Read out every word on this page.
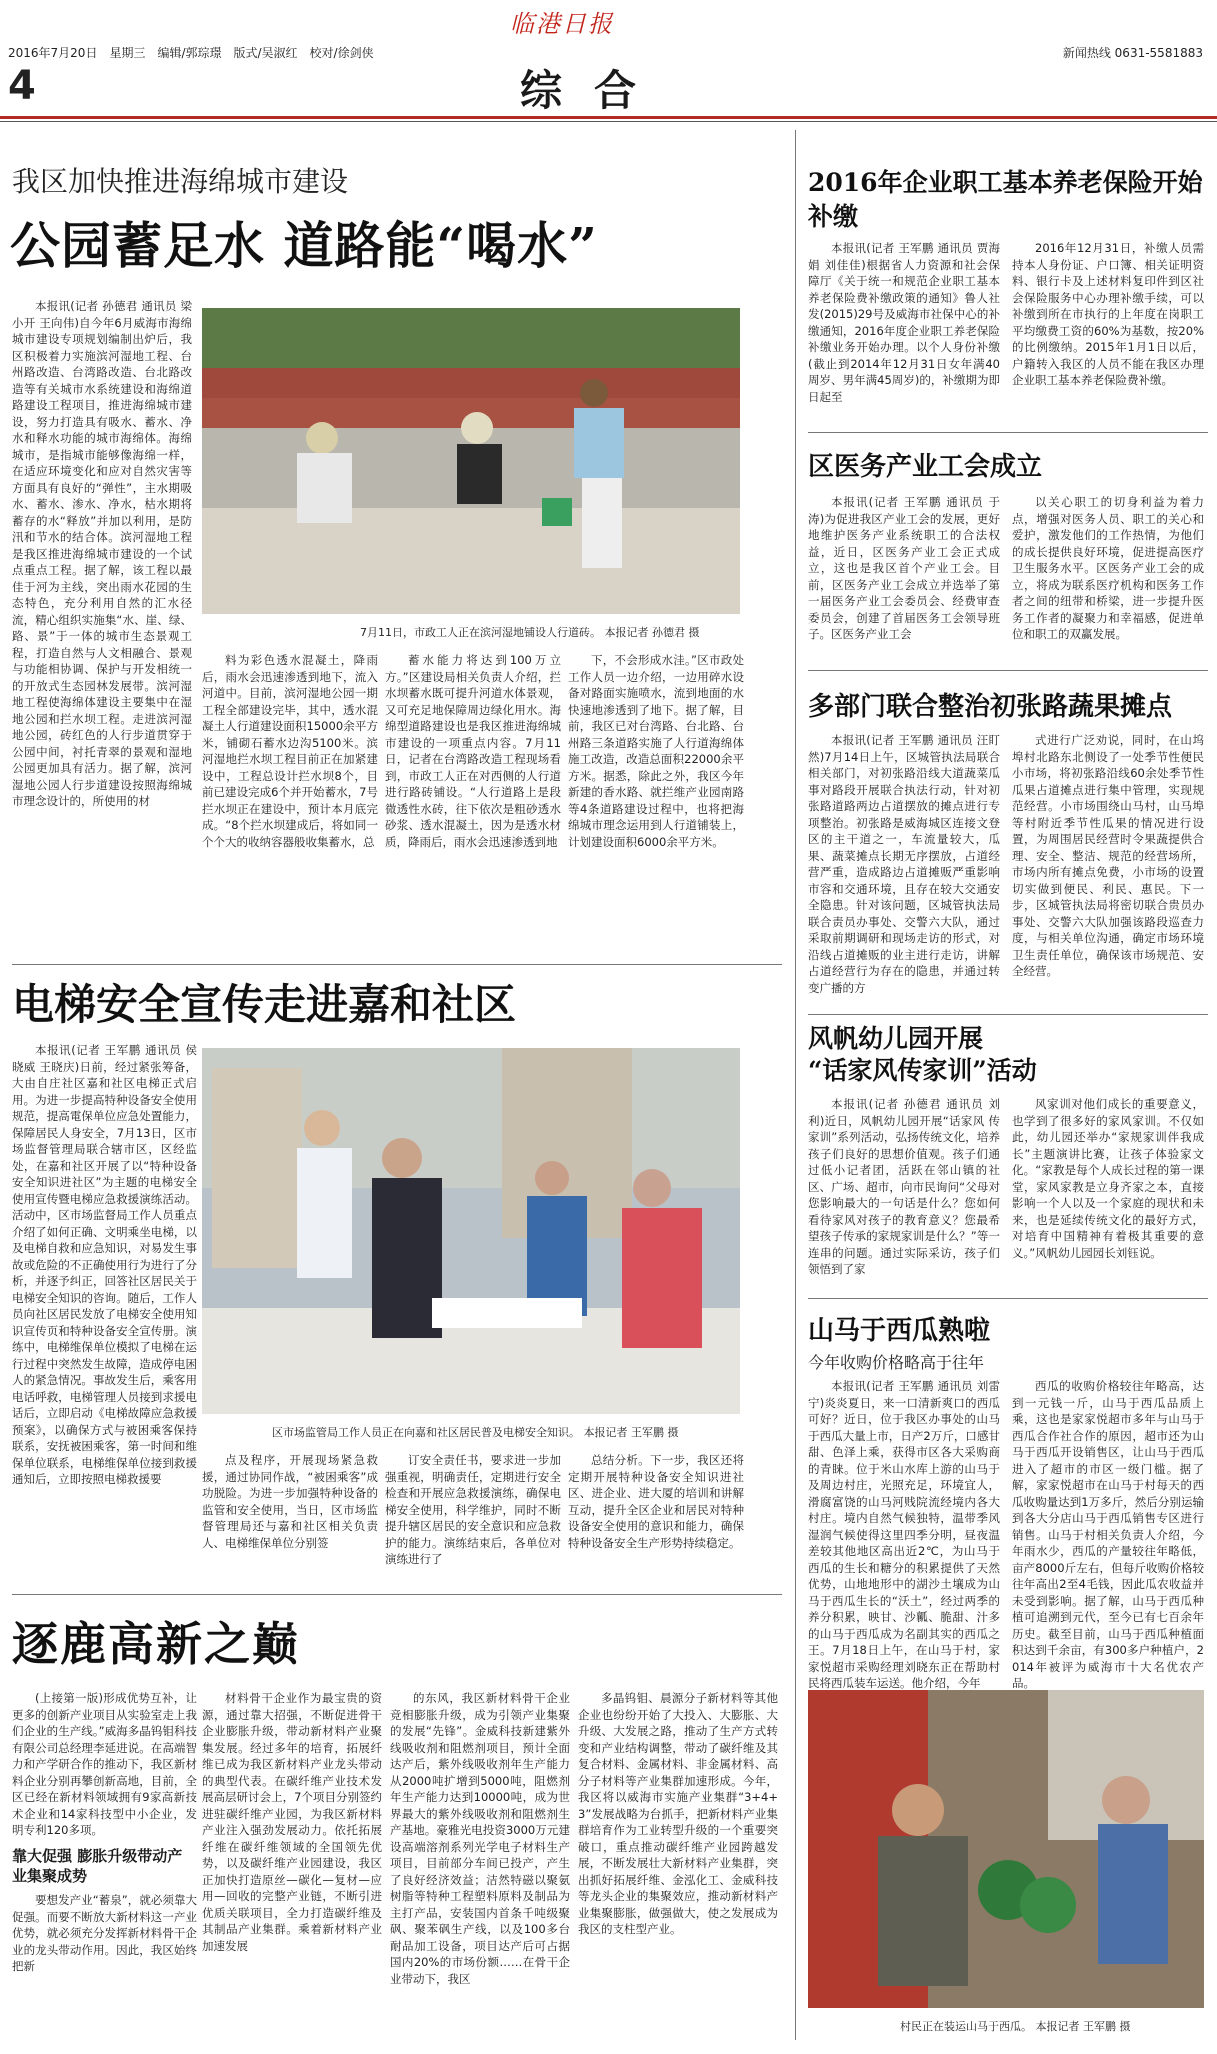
临港日报
2016年7月20日　星期三　编辑/郭琮璟　版式/吴淑红　校对/徐剑侠	新闻热线 0631-5581883
4	综合
我区加快推进海绵城市建设
公园蓄足水 道路能“喝水”

本报讯(记者 孙德君 通讯员 梁小开 王向伟)自今年6月威海市海绵城市建设专项规划编制出炉后，我区积极着力实施滨河湿地工程、台州路改造、台湾路改造、台北路改造等有关城市水系统建设和海绵道路建设工程项目，推进海绵城市建设，努力打造具有吸水、蓄水、净水和释水功能的城市海绵体。海绵城市，是指城市能够像海绵一样，在适应环境变化和应对自然灾害等方面具有良好的“弹性”，主水期吸水、蓄水、渗水、净水，枯水期将蓄存的水“释放”并加以利用，是防汛和节水的结合体。滨河湿地工程是我区推进海绵城市建设的一个试点重点工程。据了解，该工程以最佳于河为主线，突出雨水花园的生态特色，充分利用自然的汇水径流，精心组织实施集“水、崖、绿、路、景”于一体的城市生态景观工程，打造自然与人文相融合、景观与功能相协调、保护与开发相统一的开放式生态园林发展带。滨河湿地工程使海绵体建设主要集中在湿地公园和拦水坝工程。走进滨河湿地公园，砖红色的人行步道贯穿于公园中间，衬托青翠的景观和湿地公园更加具有活力。据了解，滨河湿地公园人行步道建设按照海绵城市理念设计的，所使用的材

7月11日，市政工人正在滨河湿地铺设人行道砖。 本报记者 孙德君 摄

料为彩色透水混凝土，降雨后，雨水会迅速渗透到地下，流入河道中。目前，滨河湿地公园一期工程全部建设完毕，其中，透水混凝土人行道建设面积15000余平方米，铺砌石蓄水边沟5100米。滨河湿地拦水坝工程目前正在加紧建设中，工程总设计拦水坝8个，目前已建设完成6个并开始蓄水，7号拦水坝正在建设中，预计本月底完成。“8个拦水坝建成后，将如同一个个大的收纳容器般收集蓄水，总

蓄水能力将达到100万立方。”区建设局相关负责人介绍，拦水坝蓄水既可提升河道水体景观，又可充足地保障周边绿化用水。海绵型道路建设也是我区推进海绵城市建设的一项重点内容。7月11日，记者在台湾路改造工程现场看到，市政工人正在对西侧的人行道进行路砖铺设。“人行道路上是段微透性水砖，往下依次是粗砂透水砂浆、透水混凝土，因为是透水材质，降雨后，雨水会迅速渗透到地

下，不会形成水洼。”区市政处工作人员一边介绍，一边用碎水设备对路面实施喷水，流到地面的水快速地渗透到了地下。据了解，目前，我区已对台湾路、台北路、台州路三条道路实施了人行道海绵体施工改造，改造总面积22000余平方米。据悉，除此之外，我区今年新建的香水路、就拦维产业园南路等4条道路建设过程中，也将把海绵城市理念运用到人行道铺装上，计划建设面积6000余平方米。

电梯安全宣传走进嘉和社区

本报讯(记者 王军鹏 通讯员 侯晓威 王晓庆)日前，经过紧张筹备，大由自庄社区嘉和社区电梯正式启用。为进一步提高特种设备安全使用规范，提高電保单位应急处置能力，保障居民人身安全，7月13日，区市场监督管理局联合辖市区，区经监处，在嘉和社区开展了以“特种设备安全知识进社区”为主题的电梯安全使用宣传暨电梯应急救援演练活动。活动中，区市场监督局工作人员重点介绍了如何正确、文明乘坐电梯，以及电梯自救和应急知识，对易发生事故或危险的不正确使用行为进行了分析，并逐予纠正，回答社区居民关于电梯安全知识的咨询。随后，工作人员向社区居民发放了电梯安全使用知识宣传页和特种设备安全宣传册。演练中，电梯维保单位模拟了电梯在运行过程中突然发生故障，造成停电困人的紧急情况。事故发生后，乘客用电话呼救，电梯管理人员接到求援电话后，立即启动《电梯故障应急救援预案》，以确保方式与被困乘客保持联系，安抚被困乘客，第一时间和维保单位联系，电梯维保单位接到救援通知后，立即按照电梯救援要

区市场监管局工作人员正在向嘉和社区居民普及电梯安全知识。 本报记者 王军鹏 摄

点及程序，开展现场紧急救援，通过协同作战，“被困乘客”成功脱险。为进一步加强特种设备的监管和安全使用，当日，区市场监督管理局还与嘉和社区相关负责人、电梯维保单位分别签

订安全责任书，要求进一步加强重视，明确责任，定期进行安全检查和开展应急救援演练，确保电梯安全使用，科学维护，同时不断提升辖区居民的安全意识和应急救护的能力。演练结束后，各单位对演练进行了

总结分析。下一步，我区还将定期开展特种设备安全知识进社区、进企业、进大厦的培训和讲解互动，提升全区企业和居民对特种设备安全使用的意识和能力，确保特种设备安全生产形势持续稳定。

逐鹿高新之巅

(上接第一版)形成优势互补，让更多的创新产业项目从实验室走上我们企业的生产线。”威海多晶钨钼科技有限公司总经理李延进说。在高端智力和产学研合作的推动下，我区新材料企业分别再攀创新高地，目前，全区已经在新材料领域拥有9家高新技术企业和14家科技型中小企业，发明专利120多项。

靠大促强 膨胀升级带动产业集聚成势

要想发产业“蓄泉”，就必须靠大促强。而要不断放大新材料这一产业优势，就必须充分发挥新材料骨干企业的龙头带动作用。因此，我区始终把新

材料骨干企业作为最宝贵的资源，通过靠大招强，不断促进骨干企业膨胀升级，带动新材料产业聚集发展。经过多年的培育，拓展纤维已成为我区新材料产业龙头带动的典型代表。在碳纤维产业技术发展高层研讨会上，7个项目分别签约进驻碳纤维产业园，为我区新材料产业注入强劲发展动力。依托拓展纤维在碳纤维领域的全国领先优势，以及碳纤维产业园建设，我区正加快打造原丝—碳化—复材—应用—回收的完整产业链，不断引进优质关联项目，全力打造碳纤维及其制品产业集群。乘着新材料产业加速发展

的东风，我区新材料骨干企业竞相膨胀升级，成为引领产业集聚的发展“先锋”。金威科技新建紫外线吸收剂和阻燃剂项目，预计全面达产后，紫外线吸收剂年生产能力从2000吨扩增到5000吨，阻燃剂年生产能力达到10000吨，成为世界最大的紫外线吸收剂和阻燃剂生产基地。豪雅光电投资3000万元建设高端溶剂系列光学电子材料生产项目，目前部分车间已投产，产生了良好经济效益；洁然特磁以聚氨树脂等特种工程塑料原料及制品为主打产品，安装国内首条千吨级聚砜、聚苯砜生产线，以及100多台耐品加工设备，项目达产后可占据国内20%的市场份额……在骨干企业带动下，我区

多晶钨钼、晨源分子新材料等其他企业也纷纷开始了大投入、大膨胀、大升级、大发展之路，推动了生产方式转变和产业结构调整，带动了碳纤维及其复合材料、金属材料、非金属材料、高分子材料等产业集群加速形成。今年，我区将以威海市实施产业集群“3+4+3”发展战略为台抓手，把新材料产业集群培育作为工业转型升级的一个重要突破口，重点推动碳纤维产业园跨越发展，不断发展壮大新材料产业集群，突出抓好拓展纤维、金泓化工、金威科技等龙头企业的集聚效应，推动新材料产业集聚膨胀，做强做大，使之发展成为我区的支柱型产业。

2016年企业职工基本养老保险开始补缴

本报讯(记者 王军鹏 通讯员 贾海娟 刘佳佳)根据省人力资源和社会保障厅《关于统一和规范企业职工基本养老保险费补缴政策的通知》鲁人社发(2015)29号及威海市社保中心的补缴通知，2016年度企业职工养老保险补缴业务开始办理。以个人身份补缴(截止到2014年12月31日女年满40周岁、男年满45周岁)的，补缴期为即日起至

2016年12月31日，补缴人员需持本人身份证、户口簿、相关证明资料、银行卡及上述材料复印件到区社会保险服务中心办理补缴手续，可以补缴到所在市执行的上年度在岗职工平均缴费工资的60%为基数，按20%的比例缴纳。2015年1月1日以后，户籍转入我区的人员不能在我区办理企业职工基本养老保险费补缴。

区医务产业工会成立

本报讯(记者 王军鹏 通讯员 于涛)为促进我区产业工会的发展，更好地维护医务产业系统职工的合法权益，近日，区医务产业工会正式成立，这也是我区首个产业工会。目前，区医务产业工会成立并选举了第一届医务产业工会委员会、经费审查委员会，创建了首届医务工会领导班子。区医务产业工会

以关心职工的切身利益为着力点，增强对医务人员、职工的关心和爱护，激发他们的工作热情，为他们的成长提供良好环境，促进提高医疗卫生服务水平。区医务产业工会的成立，将成为联系医疗机构和医务工作者之间的纽带和桥梁，进一步提升医务工作者的凝聚力和幸福感，促进单位和职工的双赢发展。

多部门联合整治初张路蔬果摊点

本报讯(记者 王军鹏 通讯员 汪盯然)7月14日上午，区城管执法局联合相关部门，对初张路沿线大道蔬菜瓜事对路段开展联合执法行动，针对初张路道路两边占道摆放的摊点进行专项整治。初张路是威海城区连接文登区的主干道之一，车流量较大，瓜果、蔬菜摊点长期无序摆放，占道经营严重，造成路边占道摊贩严重影响市容和交通环境，且存在较大交通安全隐患。针对该问题，区城管执法局联合责员办事处、交警六大队，通过采取前期调研和现场走访的形式，对沿线占道摊贩的业主进行走访，讲解占道经营行为存在的隐患，并通过转变广播的方

式进行广泛劝说，同时，在山坞埠村北路东北侧设了一处季节性便民小市场，将初张路沿线60余处季节性瓜果占道摊点进行集中管理，实现规范经营。小市场围绕山马村，山马埠等村附近季节性瓜果的情况进行设置，为周围居民经营时令果蔬提供合理、安全、整洁、规范的经营场所，市场内所有摊点免费，小市场的设置切实做到便民、利民、惠民。下一步，区城管执法局将密切联合贵员办事处、交警六大队加强该路段巡查力度，与相关单位沟通，确定市场环境卫生责任单位，确保该市场规范、安全经营。

风帆幼儿园开展
“话家风传家训”活动

本报讯(记者 孙德君 通讯员 刘利)近日，风帆幼儿园开展“话家风 传家训”系列活动，弘扬传统文化，培养孩子们良好的思想价值观。孩子们通过低小记者团，活跃在邻山镇的社区、广场、超市，向市民询问“父母对您影响最大的一句话是什么？您如何看待家风对孩子的教育意义？您最希望孩子传承的家规家训是什么？”等一连串的问题。通过实际采访，孩子们领悟到了家

风家训对他们成长的重要意义，也学到了很多好的家风家训。不仅如此，幼儿园还举办“家规家训伴我成长”主题演讲比赛，让孩子体验家文化。“家教是每个人成长过程的第一课堂，家风家教是立身齐家之本，直接影响一个人以及一个家庭的现状和未来，也是延续传统文化的最好方式，对培育中国精神有着极其重要的意义。”风帆幼儿园园长刘钰说。

山马于西瓜熟啦
今年收购价格略高于往年

本报讯(记者 王军鹏 通讯员 刘雷宁)炎炎夏日，来一口清新爽口的西瓜可好？近日，位于我区办事处的山马于西瓜大量上市，日产2万斤，口感甘甜、色泽上乘，获得市区各大采购商的青睐。位于米山水库上游的山马于及周边村庄，光照充足，环境宜人，滑腐富饶的山马河贱院流经境内各大村庄。境内自然气候独特，温带季风湿润气候使得这里四季分明，昼夜温差较其他地区高出近2℃，为山马于西瓜的生长和糖分的积累提供了天然优势，山地地形中的湖沙土壤成为山马于西瓜生长的“沃土”，经过两季的养分积累，映甘、沙瓤、脆甜、汁多的山马于西瓜成为名副其实的西瓜之王。7月18日上午，在山马于村，家家悦超市采购经理刘晓东正在帮助村民将西瓜装车运送。他介绍，今年

西瓜的收购价格较往年略高，达到一元钱一斤，山马于西瓜品质上乘，这也是家家悦超市多年与山马于西瓜合作社合作的原因，超市还为山马于西瓜开设销售区，让山马于西瓜进入了超市的市区一级门槛。据了解，家家悦超市在山马于村每天的西瓜收购量达到1万多斤，然后分别运输到各大分店山马于西瓜销售专区进行销售。山马于村相关负责人介绍，今年雨水少，西瓜的产量较往年略低，亩产8000斤左右，但每斤收购价格较往年高出2至4毛钱，因此瓜农收益并未受到影响。据了解，山马于西瓜种植可追溯到元代，至今已有七百余年历史。截至目前，山马于西瓜种植面积达到千余亩，有300多户种植户，2014年被评为威海市十大名优农产品。

村民正在装运山马于西瓜。 本报记者 王军鹏 摄
